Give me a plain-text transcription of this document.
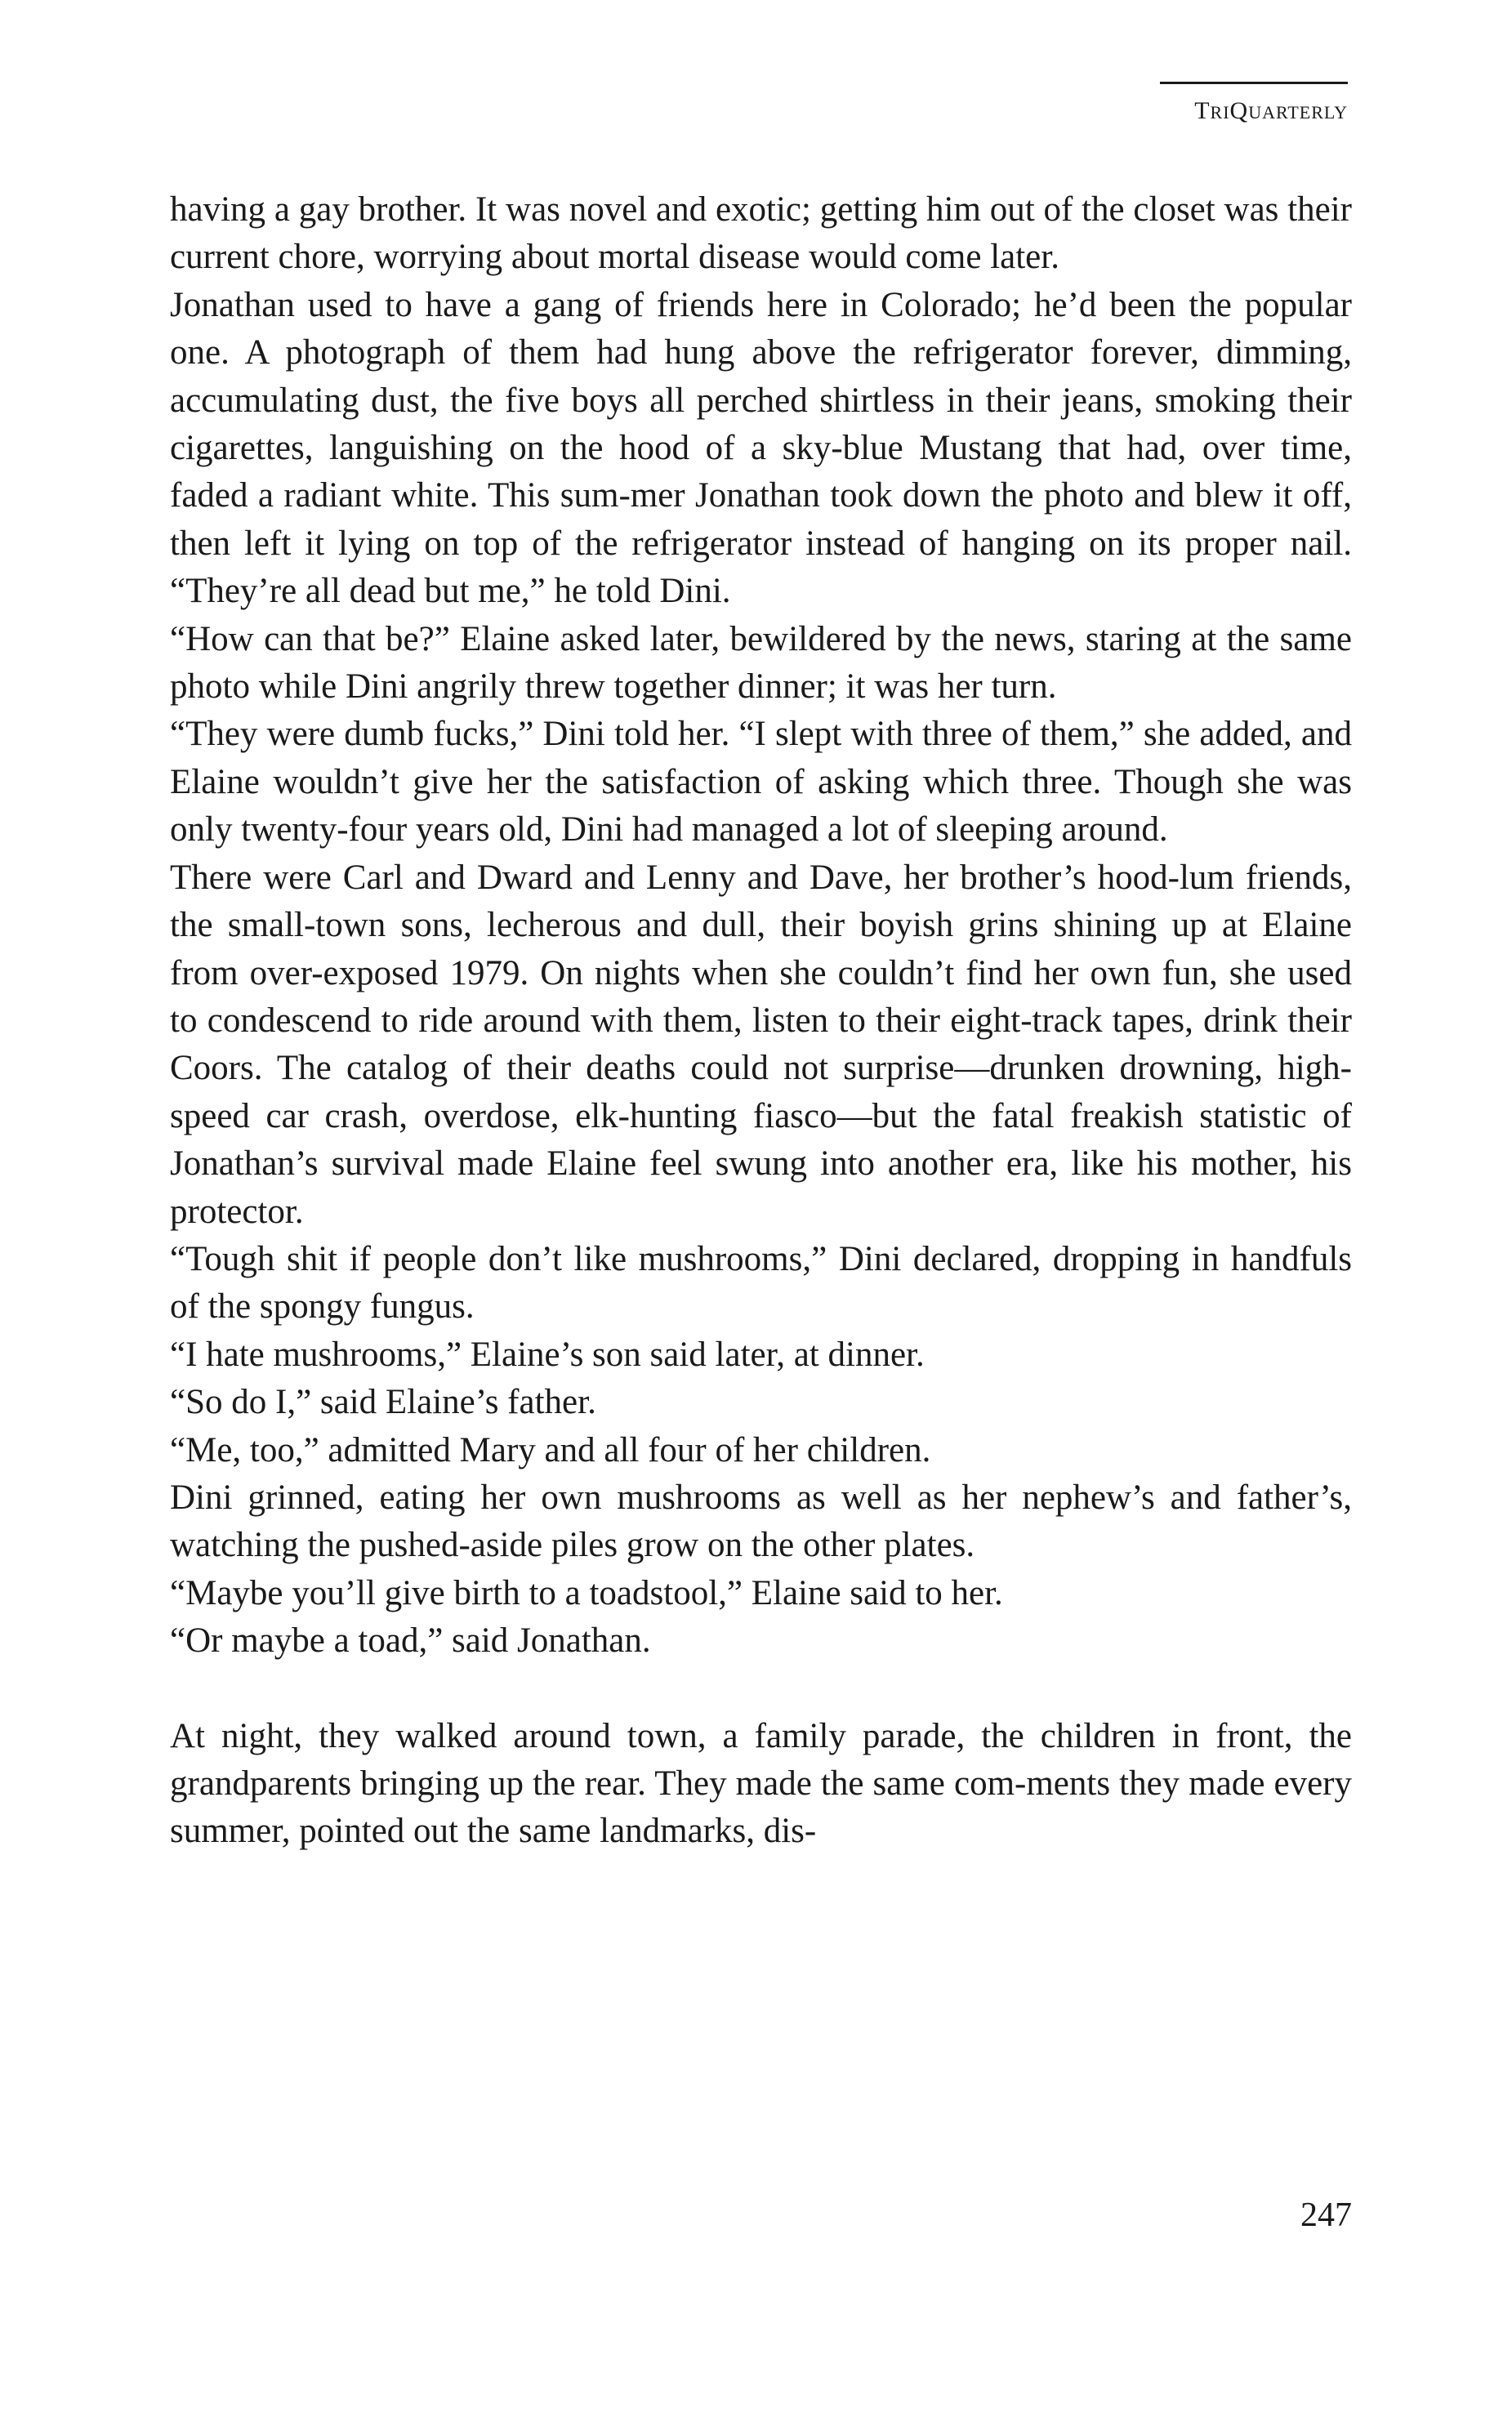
TRIQUARTERLY

having a gay brother. It was novel and exotic; getting him out of the closet was their current chore, worrying about mortal disease would come later.

Jonathan used to have a gang of friends here in Colorado; he’d been the popular one. A photograph of them had hung above the refrigerator forever, dimming, accumulating dust, the five boys all perched shirtless in their jeans, smoking their cigarettes, languishing on the hood of a sky-blue Mustang that had, over time, faded a radiant white. This sum-mer Jonathan took down the photo and blew it off, then left it lying on top of the refrigerator instead of hanging on its proper nail. “They’re all dead but me,” he told Dini.

“How can that be?” Elaine asked later, bewildered by the news, staring at the same photo while Dini angrily threw together dinner; it was her turn.

“They were dumb fucks,” Dini told her. “I slept with three of them,” she added, and Elaine wouldn’t give her the satisfaction of asking which three. Though she was only twenty-four years old, Dini had managed a lot of sleeping around.

There were Carl and Dward and Lenny and Dave, her brother’s hood-lum friends, the small-town sons, lecherous and dull, their boyish grins shining up at Elaine from over-exposed 1979. On nights when she couldn’t find her own fun, she used to condescend to ride around with them, listen to their eight-track tapes, drink their Coors. The catalog of their deaths could not surprise—drunken drowning, high-speed car crash, overdose, elk-hunting fiasco—but the fatal freakish statistic of Jonathan’s survival made Elaine feel swung into another era, like his mother, his protector.

“Tough shit if people don’t like mushrooms,” Dini declared, dropping in handfuls of the spongy fungus.

“I hate mushrooms,” Elaine’s son said later, at dinner.

“So do I,” said Elaine’s father.

“Me, too,” admitted Mary and all four of her children.

Dini grinned, eating her own mushrooms as well as her nephew’s and father’s, watching the pushed-aside piles grow on the other plates.

“Maybe you’ll give birth to a toadstool,” Elaine said to her.

“Or maybe a toad,” said Jonathan.

At night, they walked around town, a family parade, the children in front, the grandparents bringing up the rear. They made the same com-ments they made every summer, pointed out the same landmarks, dis-

247
